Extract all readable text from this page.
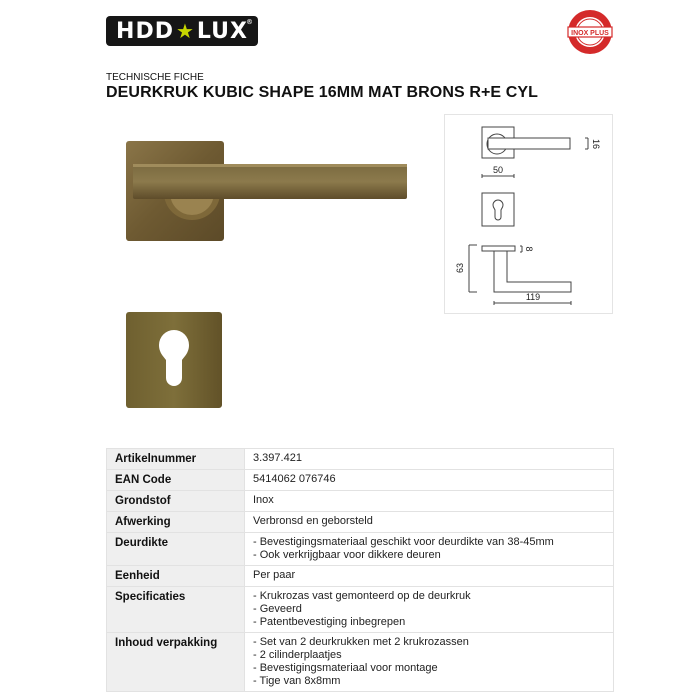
HDD ★ LUX
®
INOX PLUS
TECHNISCHE FICHE
DEURKRUK KUBIC SHAPE 16MM MAT BRONS R+E CYL
50
16
8
63
119
Artikelnummer	3.397.421

EAN Code	5414062 076746

Grondstof	Inox

Afwerking	Verbronsd en geborsteld

Deurdikte	- Bevestigingsmateriaal geschikt voor deurdikte van 38-45mm
- Ook verkrijgbaar voor dikkere deuren

Eenheid	Per paar

Specificaties	- Krukrozas vast gemonteerd op de deurkruk
- Geveerd
- Patentbevestiging inbegrepen

Inhoud verpakking	- Set van 2 deurkrukken met 2 krukrozassen
- 2 cilinderplaatjes
- Bevestigingsmateriaal voor montage
- Tige van 8x8mm
